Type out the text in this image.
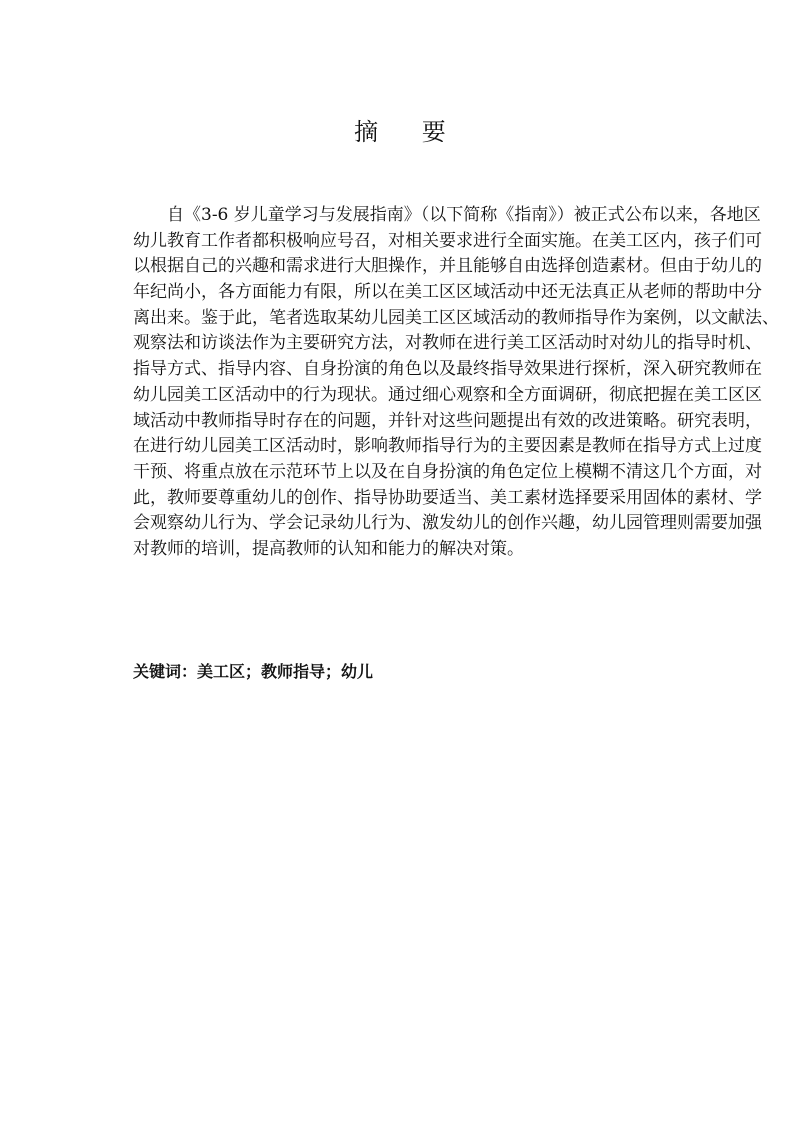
摘 要
自《3-6 岁儿童学习与发展指南》（以下简称《指南》）被正式公布以来，各地区
幼儿教育工作者都积极响应号召，对相关要求进行全面实施。在美工区内，孩子们可
以根据自己的兴趣和需求进行大胆操作，并且能够自由选择创造素材。但由于幼儿的
年纪尚小，各方面能力有限，所以在美工区区域活动中还无法真正从老师的帮助中分
离出来。鉴于此，笔者选取某幼儿园美工区区域活动的教师指导作为案例，以文献法、
观察法和访谈法作为主要研究方法，对教师在进行美工区活动时对幼儿的指导时机、
指导方式、指导内容、自身扮演的角色以及最终指导效果进行探析，深入研究教师在
幼儿园美工区活动中的行为现状。通过细心观察和全方面调研，彻底把握在美工区区
域活动中教师指导时存在的问题，并针对这些问题提出有效的改进策略。研究表明，
在进行幼儿园美工区活动时，影响教师指导行为的主要因素是教师在指导方式上过度
干预、将重点放在示范环节上以及在自身扮演的角色定位上模糊不清这几个方面，对
此，教师要尊重幼儿的创作、指导协助要适当、美工素材选择要采用固体的素材、学
会观察幼儿行为、学会记录幼儿行为、激发幼儿的创作兴趣，幼儿园管理则需要加强
对教师的培训，提高教师的认知和能力的解决对策。
关键词：美工区；教师指导；幼儿
